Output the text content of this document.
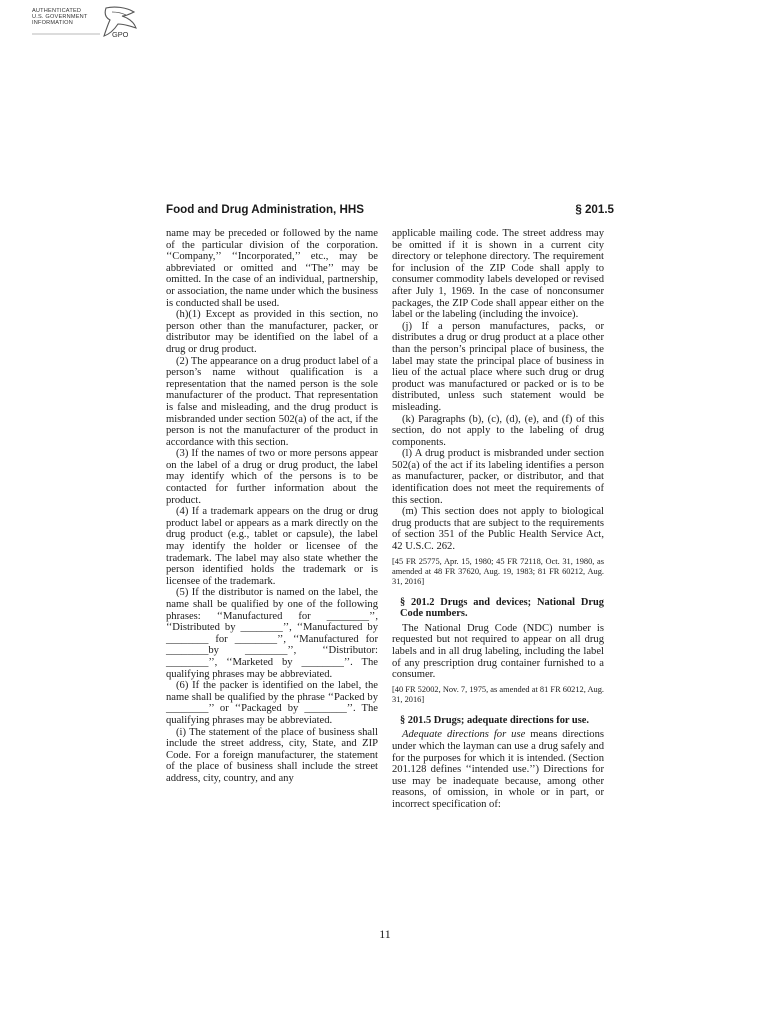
AUTHENTICATED
U.S. GOVERNMENT
INFORMATION
GPO
Food and Drug Administration, HHS	§ 201.5

name may be preceded or followed by the name of the particular division of the corporation. ‘‘Company,’’ ‘‘Incorporated,’’ etc., may be abbreviated or omitted and ‘‘The’’ may be omitted. In the case of an individual, partnership, or association, the name under which the business is conducted shall be used.

(h)(1) Except as provided in this section, no person other than the manufacturer, packer, or distributor may be identified on the label of a drug or drug product.

(2) The appearance on a drug product label of a person’s name without qualification is a representation that the named person is the sole manufacturer of the product. That representation is false and misleading, and the drug product is misbranded under section 502(a) of the act, if the person is not the manufacturer of the product in accordance with this section.

(3) If the names of two or more persons appear on the label of a drug or drug product, the label may identify which of the persons is to be contacted for further information about the product.

(4) If a trademark appears on the drug or drug product label or appears as a mark directly on the drug product (e.g., tablet or capsule), the label may identify the holder or licensee of the trademark. The label may also state whether the person identified holds the trademark or is licensee of the trademark.

(5) If the distributor is named on the label, the name shall be qualified by one of the following phrases: ‘‘Manufactured for ________’’, ‘‘Distributed by ________’’, ‘‘Manufactured by ________ for ________’’, ‘‘Manufactured for ________by ________’’, ‘‘Distributor: ________’’, ‘‘Marketed by ________’’. The qualifying phrases may be abbreviated.

(6) If the packer is identified on the label, the name shall be qualified by the phrase ‘‘Packed by ________’’ or ‘‘Packaged by ________’’. The qualifying phrases may be abbreviated.

(i) The statement of the place of business shall include the street address, city, State, and ZIP Code. For a foreign manufacturer, the statement of the place of business shall include the street address, city, country, and any

applicable mailing code. The street address may be omitted if it is shown in a current city directory or telephone directory. The requirement for inclusion of the ZIP Code shall apply to consumer commodity labels developed or revised after July 1, 1969. In the case of nonconsumer packages, the ZIP Code shall appear either on the label or the labeling (including the invoice).

(j) If a person manufactures, packs, or distributes a drug or drug product at a place other than the person’s principal place of business, the label may state the principal place of business in lieu of the actual place where such drug or drug product was manufactured or packed or is to be distributed, unless such statement would be misleading.

(k) Paragraphs (b), (c), (d), (e), and (f) of this section, do not apply to the labeling of drug components.

(l) A drug product is misbranded under section 502(a) of the act if its labeling identifies a person as manufacturer, packer, or distributor, and that identification does not meet the requirements of this section.

(m) This section does not apply to biological drug products that are subject to the requirements of section 351 of the Public Health Service Act, 42 U.S.C. 262.

[45 FR 25775, Apr. 15, 1980; 45 FR 72118, Oct. 31, 1980, as amended at 48 FR 37620, Aug. 19, 1983; 81 FR 60212, Aug. 31, 2016]

§ 201.2 Drugs and devices; National Drug Code numbers.

The National Drug Code (NDC) number is requested but not required to appear on all drug labels and in all drug labeling, including the label of any prescription drug container furnished to a consumer.

[40 FR 52002, Nov. 7, 1975, as amended at 81 FR 60212, Aug. 31, 2016]

§ 201.5 Drugs; adequate directions for use.

Adequate directions for use means directions under which the layman can use a drug safely and for the purposes for which it is intended. (Section 201.128 defines ‘‘intended use.’’) Directions for use may be inadequate because, among other reasons, of omission, in whole or in part, or incorrect specification of:

11
